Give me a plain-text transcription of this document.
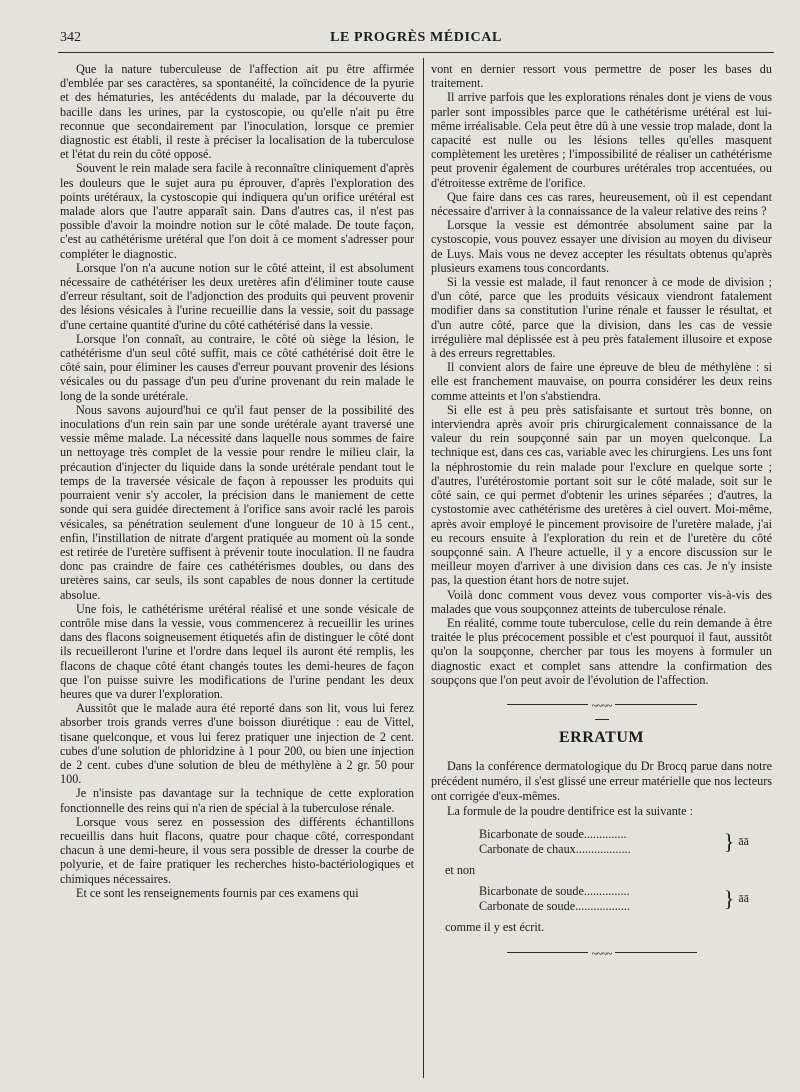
342	LE PROGRÈS MÉDICAL

Que la nature tuberculeuse de l'affection ait pu être affirmée d'emblée par ses caractères, sa spontanéité, la coïncidence de la pyurie et des hématuries, les antécédents du malade, par la découverte du bacille dans les urines, par la cystoscopie, ou qu'elle n'ait pu être reconnue que secondairement par l'inoculation, lorsque ce premier diagnostic est établi, il reste à préciser la localisation de la tuberculose et l'état du rein du côté opposé.

Souvent le rein malade sera facile à reconnaître cliniquement d'après les douleurs que le sujet aura pu éprouver, d'après l'exploration des points urétéraux, la cystoscopie qui indiquera qu'un orifice urétéral est malade alors que l'autre apparaît sain. Dans d'autres cas, il n'est pas possible d'avoir la moindre notion sur le côté malade. De toute façon, c'est au cathétérisme urétéral que l'on doit à ce moment s'adresser pour compléter le diagnostic.

Lorsque l'on n'a aucune notion sur le côté atteint, il est absolument nécessaire de cathétériser les deux uretères afin d'éliminer toute cause d'erreur résultant, soit de l'adjonction des produits qui peuvent provenir des lésions vésicales à l'urine recueillie dans la vessie, soit du passage d'une certaine quantité d'urine du côté cathétérisé dans la vessie.

Lorsque l'on connaît, au contraire, le côté où siège la lésion, le cathétérisme d'un seul côté suffit, mais ce côté cathétérisé doit être le côté sain, pour éliminer les causes d'erreur pouvant provenir des lésions vésicales ou du passage d'un peu d'urine provenant du rein malade le long de la sonde urétérale.

Nous savons aujourd'hui ce qu'il faut penser de la possibilité des inoculations d'un rein sain par une sonde urétérale ayant traversé une vessie même malade. La nécessité dans laquelle nous sommes de faire un nettoyage très complet de la vessie pour rendre le milieu clair, la précaution d'injecter du liquide dans la sonde urétérale pendant tout le temps de la traversée vésicale de façon à repousser les produits qui pourraient venir s'y accoler, la précision dans le maniement de cette sonde qui sera guidée directement à l'orifice sans avoir raclé les parois vésicales, sa pénétration seulement d'une longueur de 10 à 15 cent., enfin, l'instillation de nitrate d'argent pratiquée au moment où la sonde est retirée de l'uretère suffisent à prévenir toute inoculation. Il ne faudra donc pas craindre de faire ces cathétérismes doubles, ou dans des uretères sains, car seuls, ils sont capables de nous donner la certitude absolue.

Une fois, le cathétérisme urétéral réalisé et une sonde vésicale de contrôle mise dans la vessie, vous commencerez à recueillir les urines dans des flacons soigneusement étiquetés afin de distinguer le côté dont ils recueilleront l'urine et l'ordre dans lequel ils auront été remplis, les flacons de chaque côté étant changés toutes les demi-heures de façon que l'on puisse suivre les modifications de l'urine pendant les deux heures que va durer l'exploration.

Aussitôt que le malade aura été reporté dans son lit, vous lui ferez absorber trois grands verres d'une boisson diurétique : eau de Vittel, tisane quelconque, et vous lui ferez pratiquer une injection de 2 cent. cubes d'une solution de phloridzine à 1 pour 200, ou bien une injection de 2 cent. cubes d'une solution de bleu de méthylène à 2 gr. 50 pour 100.

Je n'insiste pas davantage sur la technique de cette exploration fonctionnelle des reins qui n'a rien de spécial à la tuberculose rénale.

Lorsque vous serez en possession des différents échantillons recueillis dans huit flacons, quatre pour chaque côté, correspondant chacun à une demi-heure, il vous sera possible de dresser la courbe de polyurie, et de faire pratiquer les recherches histo-bactériologiques et chimiques nécessaires.

Et ce sont les renseignements fournis par ces examens qui

vont en dernier ressort vous permettre de poser les bases du traitement.

Il arrive parfois que les explorations rénales dont je viens de vous parler sont impossibles parce que le cathétérisme urétéral est lui-même irréalisable. Cela peut être dû à une vessie trop malade, dont la capacité est nulle ou les lésions telles qu'elles masquent complètement les uretères ; l'impossibilité de réaliser un cathétérisme peut provenir également de courbures urétérales trop accentuées, ou d'étroitesse extrême de l'orifice.

Que faire dans ces cas rares, heureusement, où il est cependant nécessaire d'arriver à la connaissance de la valeur relative des reins ?

Lorsque la vessie est démontrée absolument saine par la cystoscopie, vous pouvez essayer une division au moyen du diviseur de Luys. Mais vous ne devez accepter les résultats obtenus qu'après plusieurs examens tous concordants.

Si la vessie est malade, il faut renoncer à ce mode de division ; d'un côté, parce que les produits vésicaux viendront fatalement modifier dans sa constitution l'urine rénale et fausser le résultat, et d'un autre côté, parce que la division, dans les cas de vessie irrégulière mal déplissée est à peu près fatalement illusoire et expose à des erreurs regrettables.

Il convient alors de faire une épreuve de bleu de méthylène : si elle est franchement mauvaise, on pourra considérer les deux reins comme atteints et l'on s'abstiendra.

Si elle est à peu près satisfaisante et surtout très bonne, on interviendra après avoir pris chirurgicalement connaissance de la valeur du rein soupçonné sain par un moyen quelconque. La technique est, dans ces cas, variable avec les chirurgiens. Les uns font la néphrostomie du rein malade pour l'exclure en quelque sorte ; d'autres, l'urétérostomie portant soit sur le côté malade, soit sur le côté sain, ce qui permet d'obtenir les urines séparées ; d'autres, la cystostomie avec cathétérisme des uretères à ciel ouvert. Moi-même, après avoir employé le pincement provisoire de l'uretère malade, j'ai eu recours ensuite à l'exploration du rein et de l'uretère du côté soupçonné sain. A l'heure actuelle, il y a encore discussion sur le meilleur moyen d'arriver à une division dans ces cas. Je n'y insiste pas, la question étant hors de notre sujet.

Voilà donc comment vous devez vous comporter vis-à-vis des malades que vous soupçonnez atteints de tuberculose rénale.

En réalité, comme toute tuberculose, celle du rein demande à être traitée le plus précocement possible et c'est pourquoi il faut, aussitôt qu'on la soupçonne, chercher par tous les moyens à formuler un diagnostic exact et complet sans attendre la confirmation des soupçons que l'on peut avoir de l'évolution de l'affection.

~~~~
ERRATUM

Dans la conférence dermatologique du Dr Brocq parue dans notre précédent numéro, il s'est glissé une erreur matérielle que nos lecteurs ont corrigée d'eux-mêmes.

La formule de la poudre dentifrice est la suivante :

Bicarbonate de soude..............
Carbonate de chaux..................	} āā
et non
Bicarbonate de soude...............
Carbonate de soude..................	} āā
comme il y est écrit.
~~~~
